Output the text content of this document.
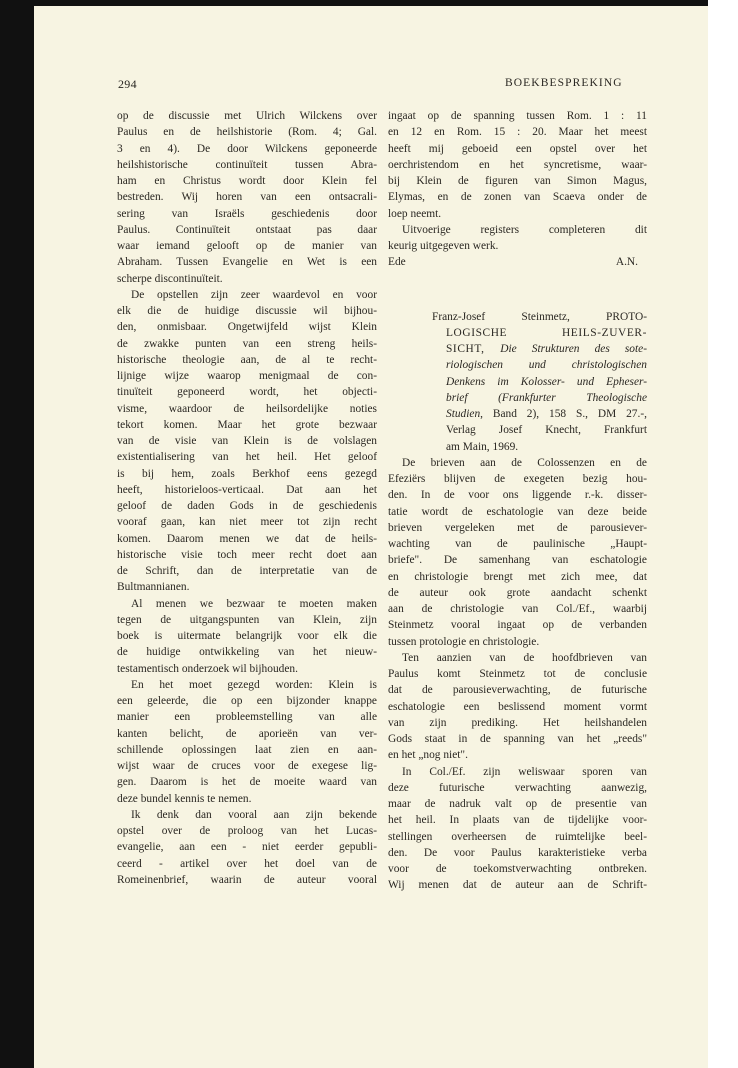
294	BOEKBESPREKING
op de discussie met Ulrich Wilckens over
Paulus en de heilshistorie (Rom. 4; Gal.
3 en 4). De door Wilckens geponeerde
heilshistorische continuïteit tussen Abra-
ham en Christus wordt door Klein fel
bestreden. Wij horen van een ontsacrali-
sering van Israëls geschiedenis door
Paulus. Continuïteit ontstaat pas daar
waar iemand gelooft op de manier van
Abraham. Tussen Evangelie en Wet is een
scherpe discontinuïteit.
De opstellen zijn zeer waardevol en voor
elk die de huidige discussie wil bijhou-
den, onmisbaar. Ongetwijfeld wijst Klein
de zwakke punten van een streng heils-
historische theologie aan, de al te recht-
lijnige wijze waarop menigmaal de con-
tinuïteit geponeerd wordt, het objecti-
visme, waardoor de heilsordelijke noties
tekort komen. Maar het grote bezwaar
van de visie van Klein is de volslagen
existentialisering van het heil. Het geloof
is bij hem, zoals Berkhof eens gezegd
heeft, historieloos-verticaal. Dat aan het
geloof de daden Gods in de geschiedenis
vooraf gaan, kan niet meer tot zijn recht
komen. Daarom menen we dat de heils-
historische visie toch meer recht doet aan
de Schrift, dan de interpretatie van de
Bultmannianen.
Al menen we bezwaar te moeten maken
tegen de uitgangspunten van Klein, zijn
boek is uitermate belangrijk voor elk die
de huidige ontwikkeling van het nieuw-
testamentisch onderzoek wil bijhouden.
En het moet gezegd worden: Klein is
een geleerde, die op een bijzonder knappe
manier een probleemstelling van alle
kanten belicht, de aporieën van ver-
schillende oplossingen laat zien en aan-
wijst waar de cruces voor de exegese lig-
gen. Daarom is het de moeite waard van
deze bundel kennis te nemen.
Ik denk dan vooral aan zijn bekende
opstel over de proloog van het Lucas-
evangelie, aan een - niet eerder gepubli-
ceerd - artikel over het doel van de
Romeinenbrief, waarin de auteur vooral
ingaat op de spanning tussen Rom. 1 : 11
en 12 en Rom. 15 : 20. Maar het meest
heeft mij geboeid een opstel over het
oerchristendom en het syncretisme, waar-
bij Klein de figuren van Simon Magus,
Elymas, en de zonen van Scaeva onder de
loep neemt.
Uitvoerige registers completeren dit
keurig uitgegeven werk.
Ede	A.N.
Franz-Josef Steinmetz, PROTO-
LOGISCHE HEILS-ZUVER-
SICHT, Die Strukturen des sote-
riologischen und christologischen
Denkens im Kolosser- und Epheser-
brief (Frankfurter Theologische
Studien, Band 2), 158 S., DM 27.-,
Verlag Josef Knecht, Frankfurt
am Main, 1969.
De brieven aan de Colossenzen en de
Efeziërs blijven de exegeten bezig hou-
den. In de voor ons liggende r.-k. disser-
tatie wordt de eschatologie van deze beide
brieven vergeleken met de parousiever-
wachting van de paulinische „Haupt-
briefe". De samenhang van eschatologie
en christologie brengt met zich mee, dat
de auteur ook grote aandacht schenkt
aan de christologie van Col./Ef., waarbij
Steinmetz vooral ingaat op de verbanden
tussen protologie en christologie.
Ten aanzien van de hoofdbrieven van
Paulus komt Steinmetz tot de conclusie
dat de parousieverwachting, de futurische
eschatologie een beslissend moment vormt
van zijn prediking. Het heilshandelen
Gods staat in de spanning van het „reeds"
en het „nog niet".
In Col./Ef. zijn weliswaar sporen van
deze futurische verwachting aanwezig,
maar de nadruk valt op de presentie van
het heil. In plaats van de tijdelijke voor-
stellingen overheersen de ruimtelijke beel-
den. De voor Paulus karakteristieke verba
voor de toekomstverwachting ontbreken.
Wij menen dat de auteur aan de Schrift-
